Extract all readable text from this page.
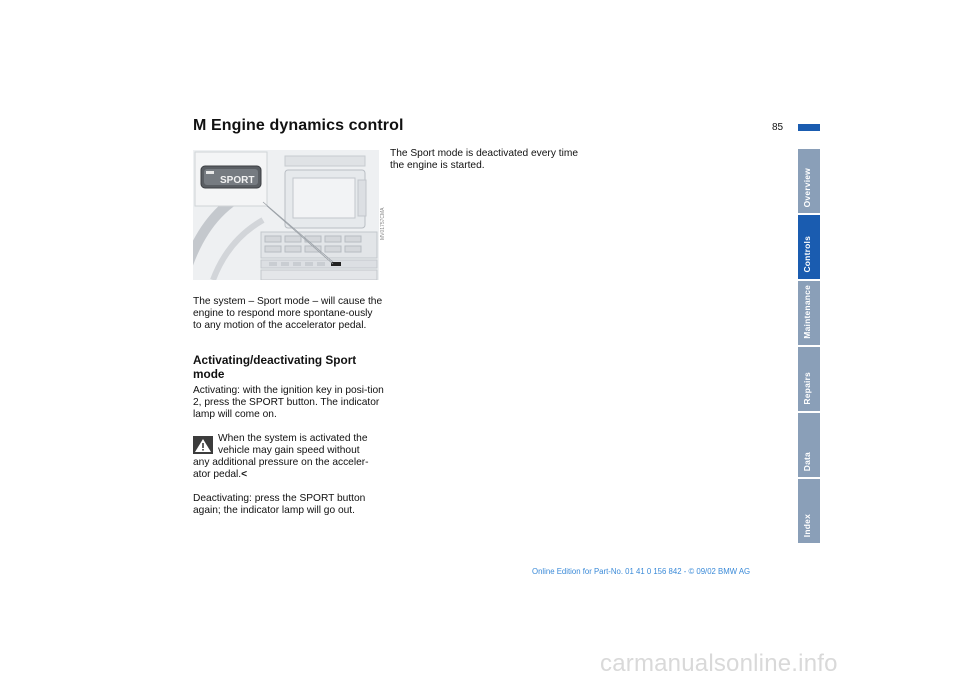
M Engine dynamics control	85
SPORT
MV01757CMA

The system – Sport mode – will cause the engine to respond more spontane-ously to any motion of the accelerator pedal.

Activating/deactivating Sport mode

Activating: with the ignition key in posi-tion 2, press the SPORT button. The indicator lamp will come on.

When the system is activated the
vehicle may gain speed without
any additional pressure on the acceler-ator pedal.<

Deactivating: press the SPORT button again; the indicator lamp will go out.

The Sport mode is deactivated every time the engine is started.

Overview
Controls
Maintenance
Repairs
Data
Index
Online Edition for Part-No. 01 41 0 156 842 - © 09/02 BMW AG
carmanualsonline.info
